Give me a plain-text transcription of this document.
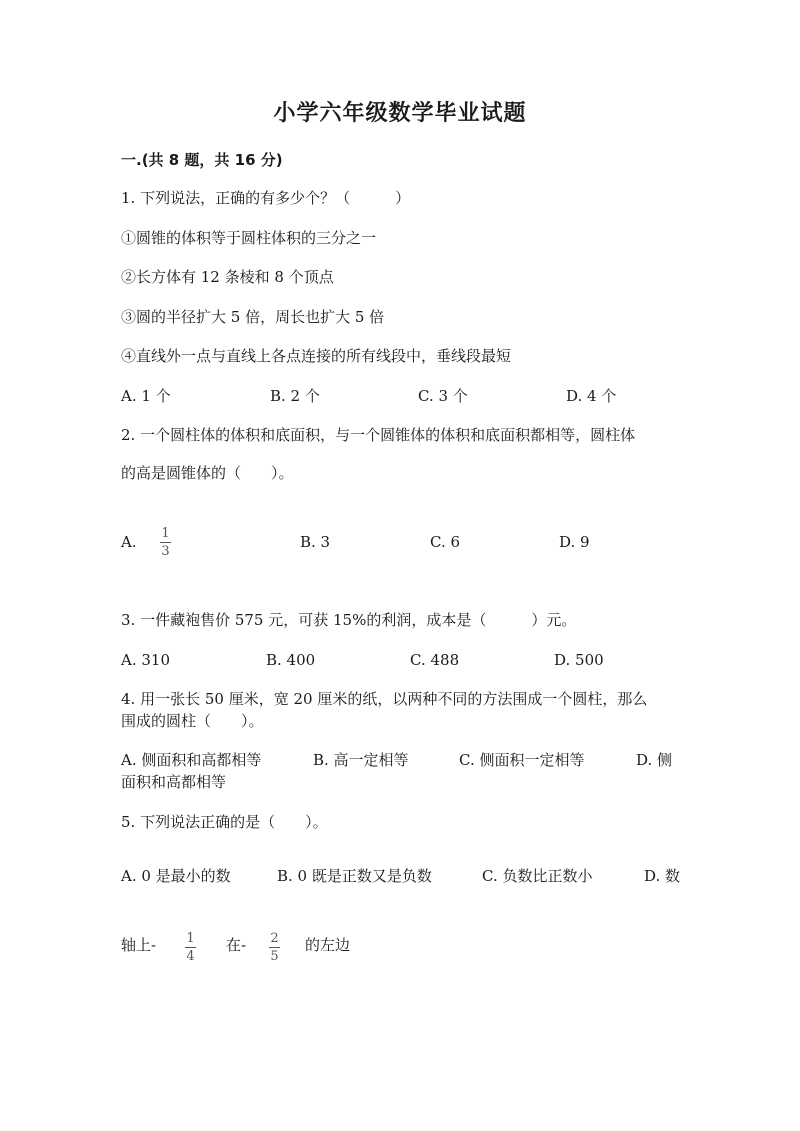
小学六年级数学毕业试题
一.(共 8 题，共 16 分)
1. 下列说法，正确的有多少个？（　　　）
①圆锥的体积等于圆柱体积的三分之一
②长方体有 12 条棱和 8 个顶点
③圆的半径扩大 5 倍，周长也扩大 5 倍
④直线外一点与直线上各点连接的所有线段中，垂线段最短
A. 1 个	B. 2 个	C. 3 个	D. 4 个
2. 一个圆柱体的体积和底面积，与一个圆锥体的体积和底面积都相等，圆柱体
的高是圆锥体的（　　）。
A. 1
3
B. 3	C. 6	D. 9
3. 一件藏袍售价 575 元，可获 15%的利润，成本是（　　　）元。
A. 310	B. 400	C. 488	D. 500
4. 用一张长 50 厘米，宽 20 厘米的纸，以两种不同的方法围成一个圆柱，那么
围成的圆柱（　　）。
A. 侧面积和高都相等	B. 高一定相等	C. 侧面积一定相等	D. 侧
面积和高都相等
5. 下列说法正确的是（　　）。
A. 0 是最小的数	B. 0 既是正数又是负数	C. 负数比正数小	D. 数
轴上- 1
4
在- 2
5
的左边
